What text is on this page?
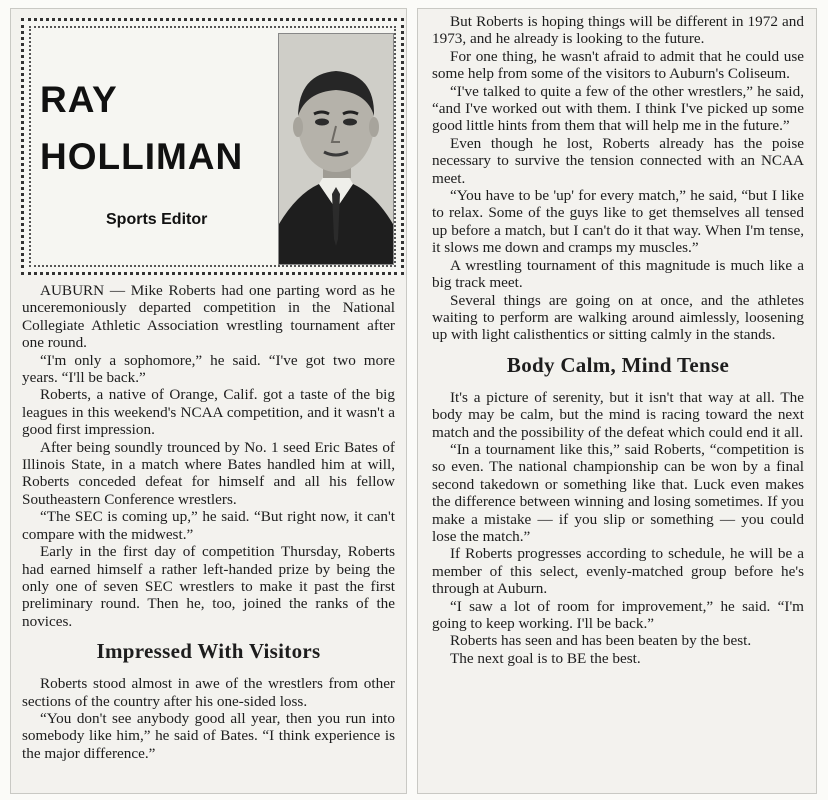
RAY
HOLLIMAN
Sports Editor

AUBURN — Mike Roberts had one parting word as he unceremoniously departed competition in the National Collegiate Athletic Association wrestling tournament after one round.

“I'm only a sophomore,” he said. “I've got two more years. “I'll be back.”

Roberts, a native of Orange, Calif. got a taste of the big leagues in this weekend's NCAA competition, and it wasn't a good first impression.

After being soundly trounced by No. 1 seed Eric Bates of Illinois State, in a match where Bates handled him at will, Roberts conceded defeat for himself and all his fellow Southeastern Conference wrestlers.

“The SEC is coming up,” he said. “But right now, it can't compare with the midwest.”

Early in the first day of competition Thursday, Roberts had earned himself a rather left-handed prize by being the only one of seven SEC wrestlers to make it past the first preliminary round. Then he, too, joined the ranks of the novices.

Impressed With Visitors

Roberts stood almost in awe of the wrestlers from other sections of the country after his one-sided loss.

“You don't see anybody good all year, then you run into somebody like him,” he said of Bates. “I think experience is the major difference.”

But Roberts is hoping things will be different in 1972 and 1973, and he already is looking to the future.

For one thing, he wasn't afraid to admit that he could use some help from some of the visitors to Auburn's Coliseum.

“I've talked to quite a few of the other wrestlers,” he said, “and I've worked out with them. I think I've picked up some good little hints from them that will help me in the future.”

Even though he lost, Roberts already has the poise necessary to survive the tension connected with an NCAA meet.

“You have to be 'up' for every match,” he said, “but I like to relax. Some of the guys like to get themselves all tensed up before a match, but I can't do it that way. When I'm tense, it slows me down and cramps my muscles.”

A wrestling tournament of this magnitude is much like a big track meet.

Several things are going on at once, and the athletes waiting to perform are walking around aimlessly, loosening up with light calisthentics or sitting calmly in the stands.

Body Calm, Mind Tense

It's a picture of serenity, but it isn't that way at all. The body may be calm, but the mind is racing toward the next match and the possibility of the defeat which could end it all.

“In a tournament like this,” said Roberts, “competition is so even. The national championship can be won by a final second takedown or something like that. Luck even makes the difference between winning and losing sometimes. If you make a mistake — if you slip or something — you could lose the match.”

If Roberts progresses according to schedule, he will be a member of this select, evenly-matched group before he's through at Auburn.

“I saw a lot of room for improvement,” he said. “I'm going to keep working. I'll be back.”

Roberts has seen and has been beaten by the best.

The next goal is to BE the best.
